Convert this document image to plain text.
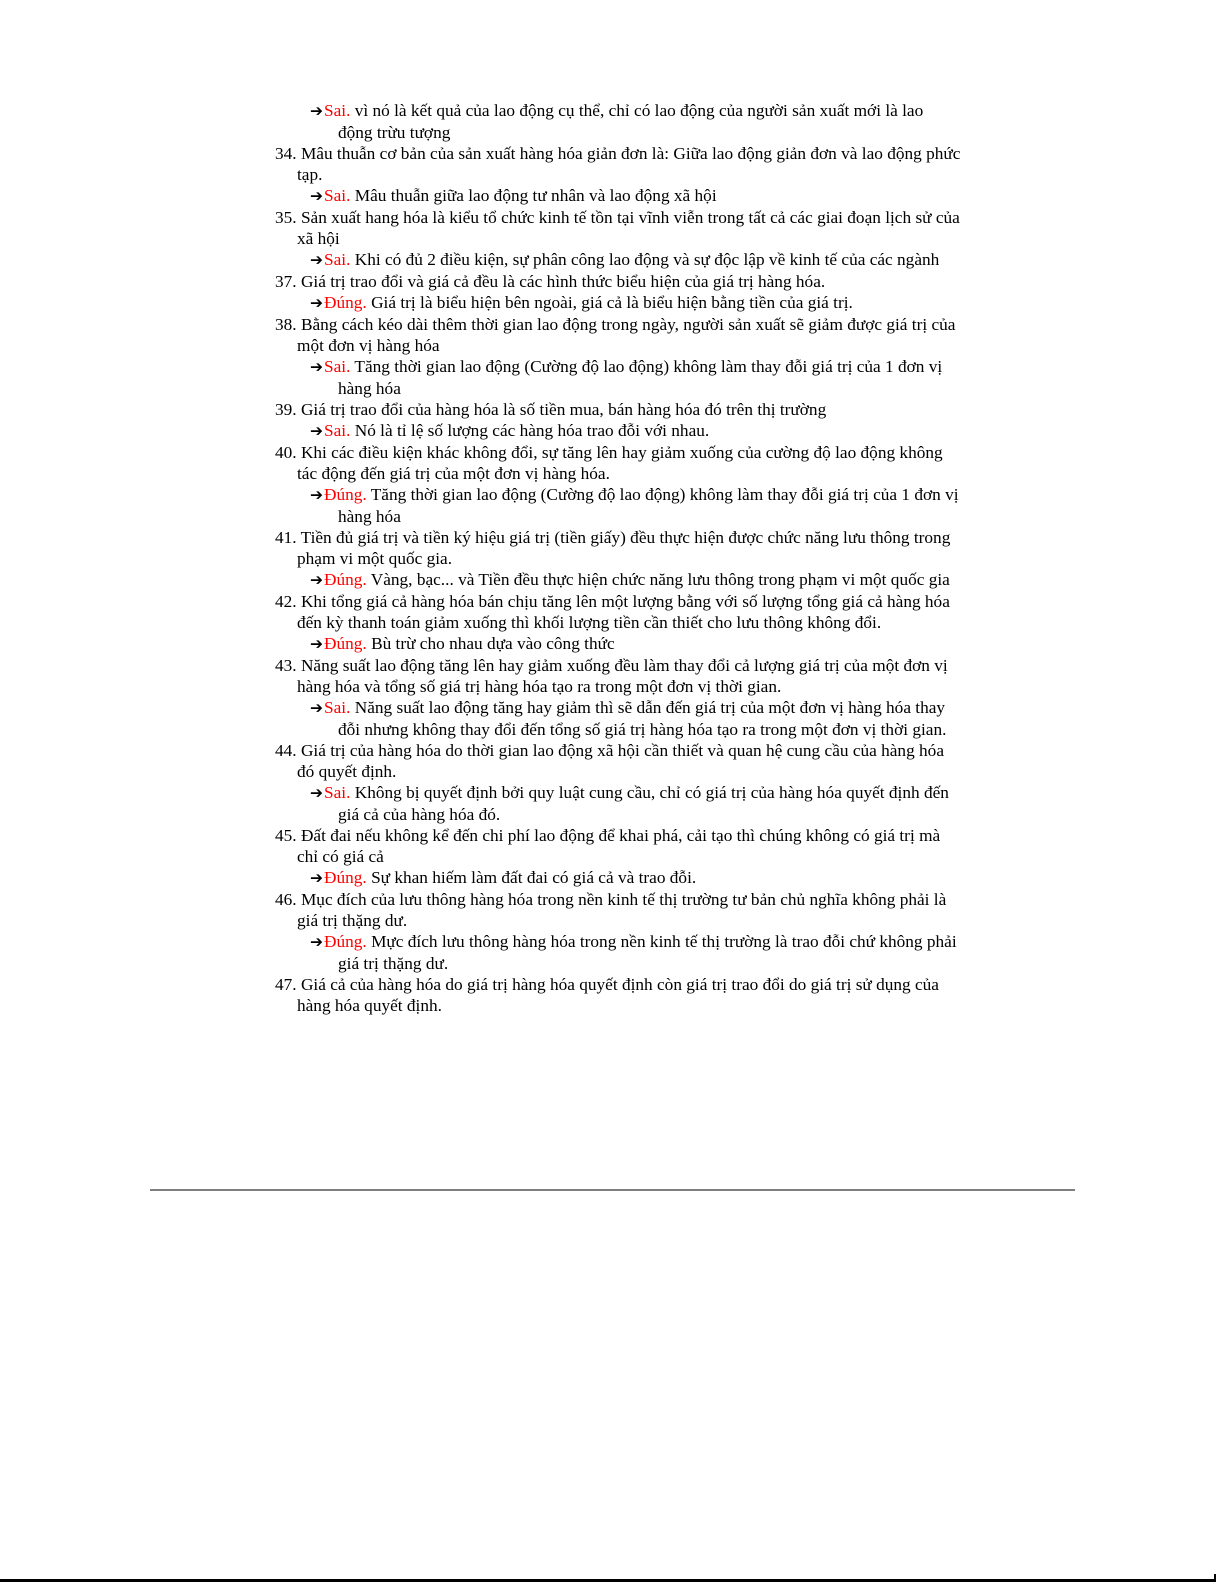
➔Sai. vì nó là kết quả của lao động cụ thể, chỉ có lao động của người sản xuất mới là lao động trừu tượng
34. Mâu thuẫn cơ bản của sản xuất hàng hóa giản đơn là: Giữa lao động giản đơn và lao động phức tạp.
➔Sai. Mâu thuẫn giữa lao động tư nhân và lao động xã hội
35. Sản xuất hang hóa là kiểu tổ chức kinh tế tồn tại vĩnh viễn trong tất cả các giai đoạn lịch sử của xã hội
➔Sai. Khi có đủ 2 điều kiện, sự phân công lao động và sự độc lập về kinh tế của các ngành
37. Giá trị trao đổi và giá cả đều là các hình thức biểu hiện của giá trị hàng hóa.
➔Đúng. Giá trị là biểu hiện bên ngoài, giá cả là biểu hiện bằng tiền của giá trị.
38. Bằng cách kéo dài thêm thời gian lao động trong ngày, người sản xuất sẽ giảm được giá trị của một đơn vị hàng hóa
➔Sai. Tăng thời gian lao động (Cường độ lao động) không làm thay đỗi giá trị của 1 đơn vị hàng hóa
39. Giá trị trao đổi của hàng hóa là số tiền mua, bán hàng hóa đó trên thị trường
➔Sai. Nó là tỉ lệ số lượng các hàng hóa trao đỗi với nhau.
40. Khi các điều kiện khác không đổi, sự tăng lên hay giảm xuống của cường độ lao động không tác động đến giá trị của một đơn vị hàng hóa.
➔Đúng. Tăng thời gian lao động (Cường độ lao động) không làm thay đỗi giá trị của 1 đơn vị hàng hóa
41. Tiền đủ giá trị và tiền ký hiệu giá trị (tiền giấy) đều thực hiện được chức năng lưu thông trong phạm vi một quốc gia.
➔Đúng. Vàng, bạc... và Tiền đều thực hiện chức năng lưu thông trong phạm vi một quốc gia
42. Khi tổng giá cả hàng hóa bán chịu tăng lên một lượng bằng với số lượng tổng giá cả hàng hóa đến kỳ thanh toán giảm xuống thì khối lượng tiền cần thiết cho lưu thông không đổi.
➔Đúng. Bù trừ cho nhau dựa vào công thức
43. Năng suất lao động tăng lên hay giảm xuống đều làm thay đổi cả lượng giá trị của một đơn vị hàng hóa và tổng số giá trị hàng hóa tạo ra trong một đơn vị thời gian.
➔Sai. Năng suất lao động tăng hay giảm thì sẽ dẫn đến giá trị của một đơn vị hàng hóa thay đỗi nhưng không thay đổi đến tổng số giá trị hàng hóa tạo ra trong một đơn vị thời gian.
44. Giá trị của hàng hóa do thời gian lao động xã hội cần thiết và quan hệ cung cầu của hàng hóa đó quyết định.
➔Sai. Không bị quyết định bởi quy luật cung cầu, chỉ có giá trị của hàng hóa quyết định đến giá cả của hàng hóa đó.
45. Đất đai nếu không kể đến chi phí lao động để khai phá, cải tạo thì chúng không có giá trị mà chỉ có giá cả
➔Đúng. Sự khan hiếm làm đất đai có giá cả và trao đỗi.
46. Mục đích của lưu thông hàng hóa trong nền kinh tế thị trường tư bản chủ nghĩa không phải là giá trị thặng dư.
➔Đúng. Mực đích lưu thông hàng hóa trong nền kinh tế thị trường là trao đỗi chứ không phải giá trị thặng dư.
47. Giá cả của hàng hóa do giá trị hàng hóa quyết định còn giá trị trao đổi do giá trị sử dụng của hàng hóa quyết định.
